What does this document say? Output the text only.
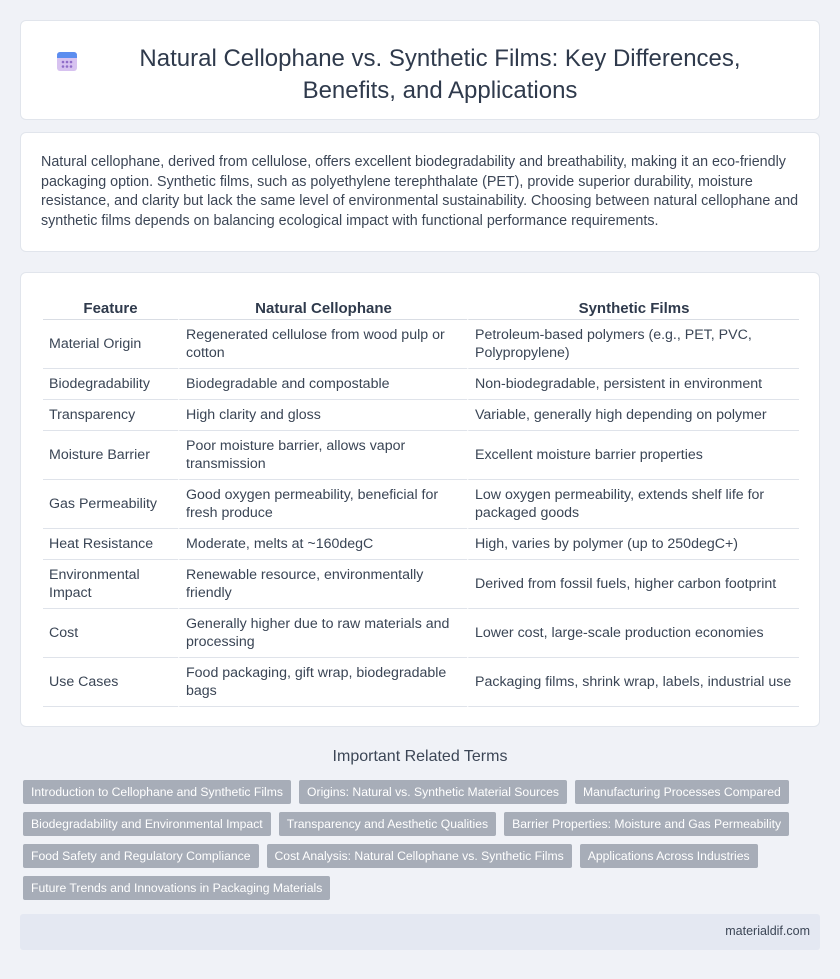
Natural Cellophane vs. Synthetic Films: Key Differences, Benefits, and Applications

Natural cellophane, derived from cellulose, offers excellent biodegradability and breathability, making it an eco-friendly packaging option. Synthetic films, such as polyethylene terephthalate (PET), provide superior durability, moisture resistance, and clarity but lack the same level of environmental sustainability. Choosing between natural cellophane and synthetic films depends on balancing ecological impact with functional performance requirements.

Feature	Natural Cellophane	Synthetic Films
Material Origin	Regenerated cellulose from wood pulp or cotton	Petroleum-based polymers (e.g., PET, PVC, Polypropylene)
Biodegradability	Biodegradable and compostable	Non-biodegradable, persistent in environment
Transparency	High clarity and gloss	Variable, generally high depending on polymer
Moisture Barrier	Poor moisture barrier, allows vapor transmission	Excellent moisture barrier properties
Gas Permeability	Good oxygen permeability, beneficial for fresh produce	Low oxygen permeability, extends shelf life for packaged goods
Heat Resistance	Moderate, melts at ~160degC	High, varies by polymer (up to 250degC+)
Environmental Impact	Renewable resource, environmentally friendly	Derived from fossil fuels, higher carbon footprint
Cost	Generally higher due to raw materials and processing	Lower cost, large-scale production economies
Use Cases	Food packaging, gift wrap, biodegradable bags	Packaging films, shrink wrap, labels, industrial use
Important Related Terms
Introduction to Cellophane and Synthetic Films	Origins: Natural vs. Synthetic Material Sources	Manufacturing Processes Compared
Biodegradability and Environmental Impact	Transparency and Aesthetic Qualities	Barrier Properties: Moisture and Gas Permeability
Food Safety and Regulatory Compliance	Cost Analysis: Natural Cellophane vs. Synthetic Films	Applications Across Industries
Future Trends and Innovations in Packaging Materials
materialdif.com
